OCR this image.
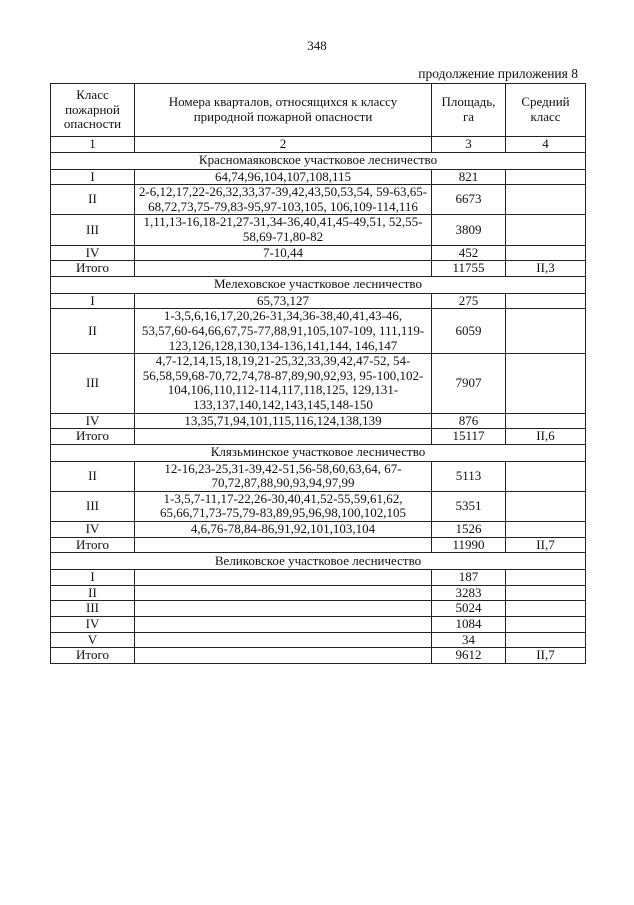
348
продолжение приложения 8
Класс пожарной опасности	Номера кварталов, относящихся к классу природной пожарной опасности	Площадь, га	Средний класс
1	2	3	4
Красномаяковское участковое лесничество			
I	64,74,96,104,107,108,115	821	
II	2-6,12,17,22-26,32,33,37-39,42,43,50,53,54, 59-63,65-68,72,73,75-79,83-95,97-103,105, 106,109-114,116	6673	
III	1,11,13-16,18-21,27-31,34-36,40,41,45-49,51, 52,55-58,69-71,80-82	3809	
IV	7-10,44	452	
Итого		11755	II,3
Мелеховское участковое лесничество			
I	65,73,127	275	
II	1-3,5,6,16,17,20,26-31,34,36-38,40,41,43-46, 53,57,60-64,66,67,75-77,88,91,105,107-109, 111,119-123,126,128,130,134-136,141,144, 146,147	6059	
III	4,7-12,14,15,18,19,21-25,32,33,39,42,47-52, 54-56,58,59,68-70,72,74,78-87,89,90,92,93, 95-100,102-104,106,110,112-114,117,118,125, 129,131-133,137,140,142,143,145,148-150	7907	
IV	13,35,71,94,101,115,116,124,138,139	876	
Итого		15117	II,6
Клязьминское участковое лесничество			
II	12-16,23-25,31-39,42-51,56-58,60,63,64, 67-70,72,87,88,90,93,94,97,99	5113	
III	1-3,5,7-11,17-22,26-30,40,41,52-55,59,61,62, 65,66,71,73-75,79-83,89,95,96,98,100,102,105	5351	
IV	4,6,76-78,84-86,91,92,101,103,104	1526	
Итого		11990	II,7
Великовское участковое лесничество			
I		187	
II		3283	
III		5024	
IV		1084	
V		34	
Итого		9612	II,7
